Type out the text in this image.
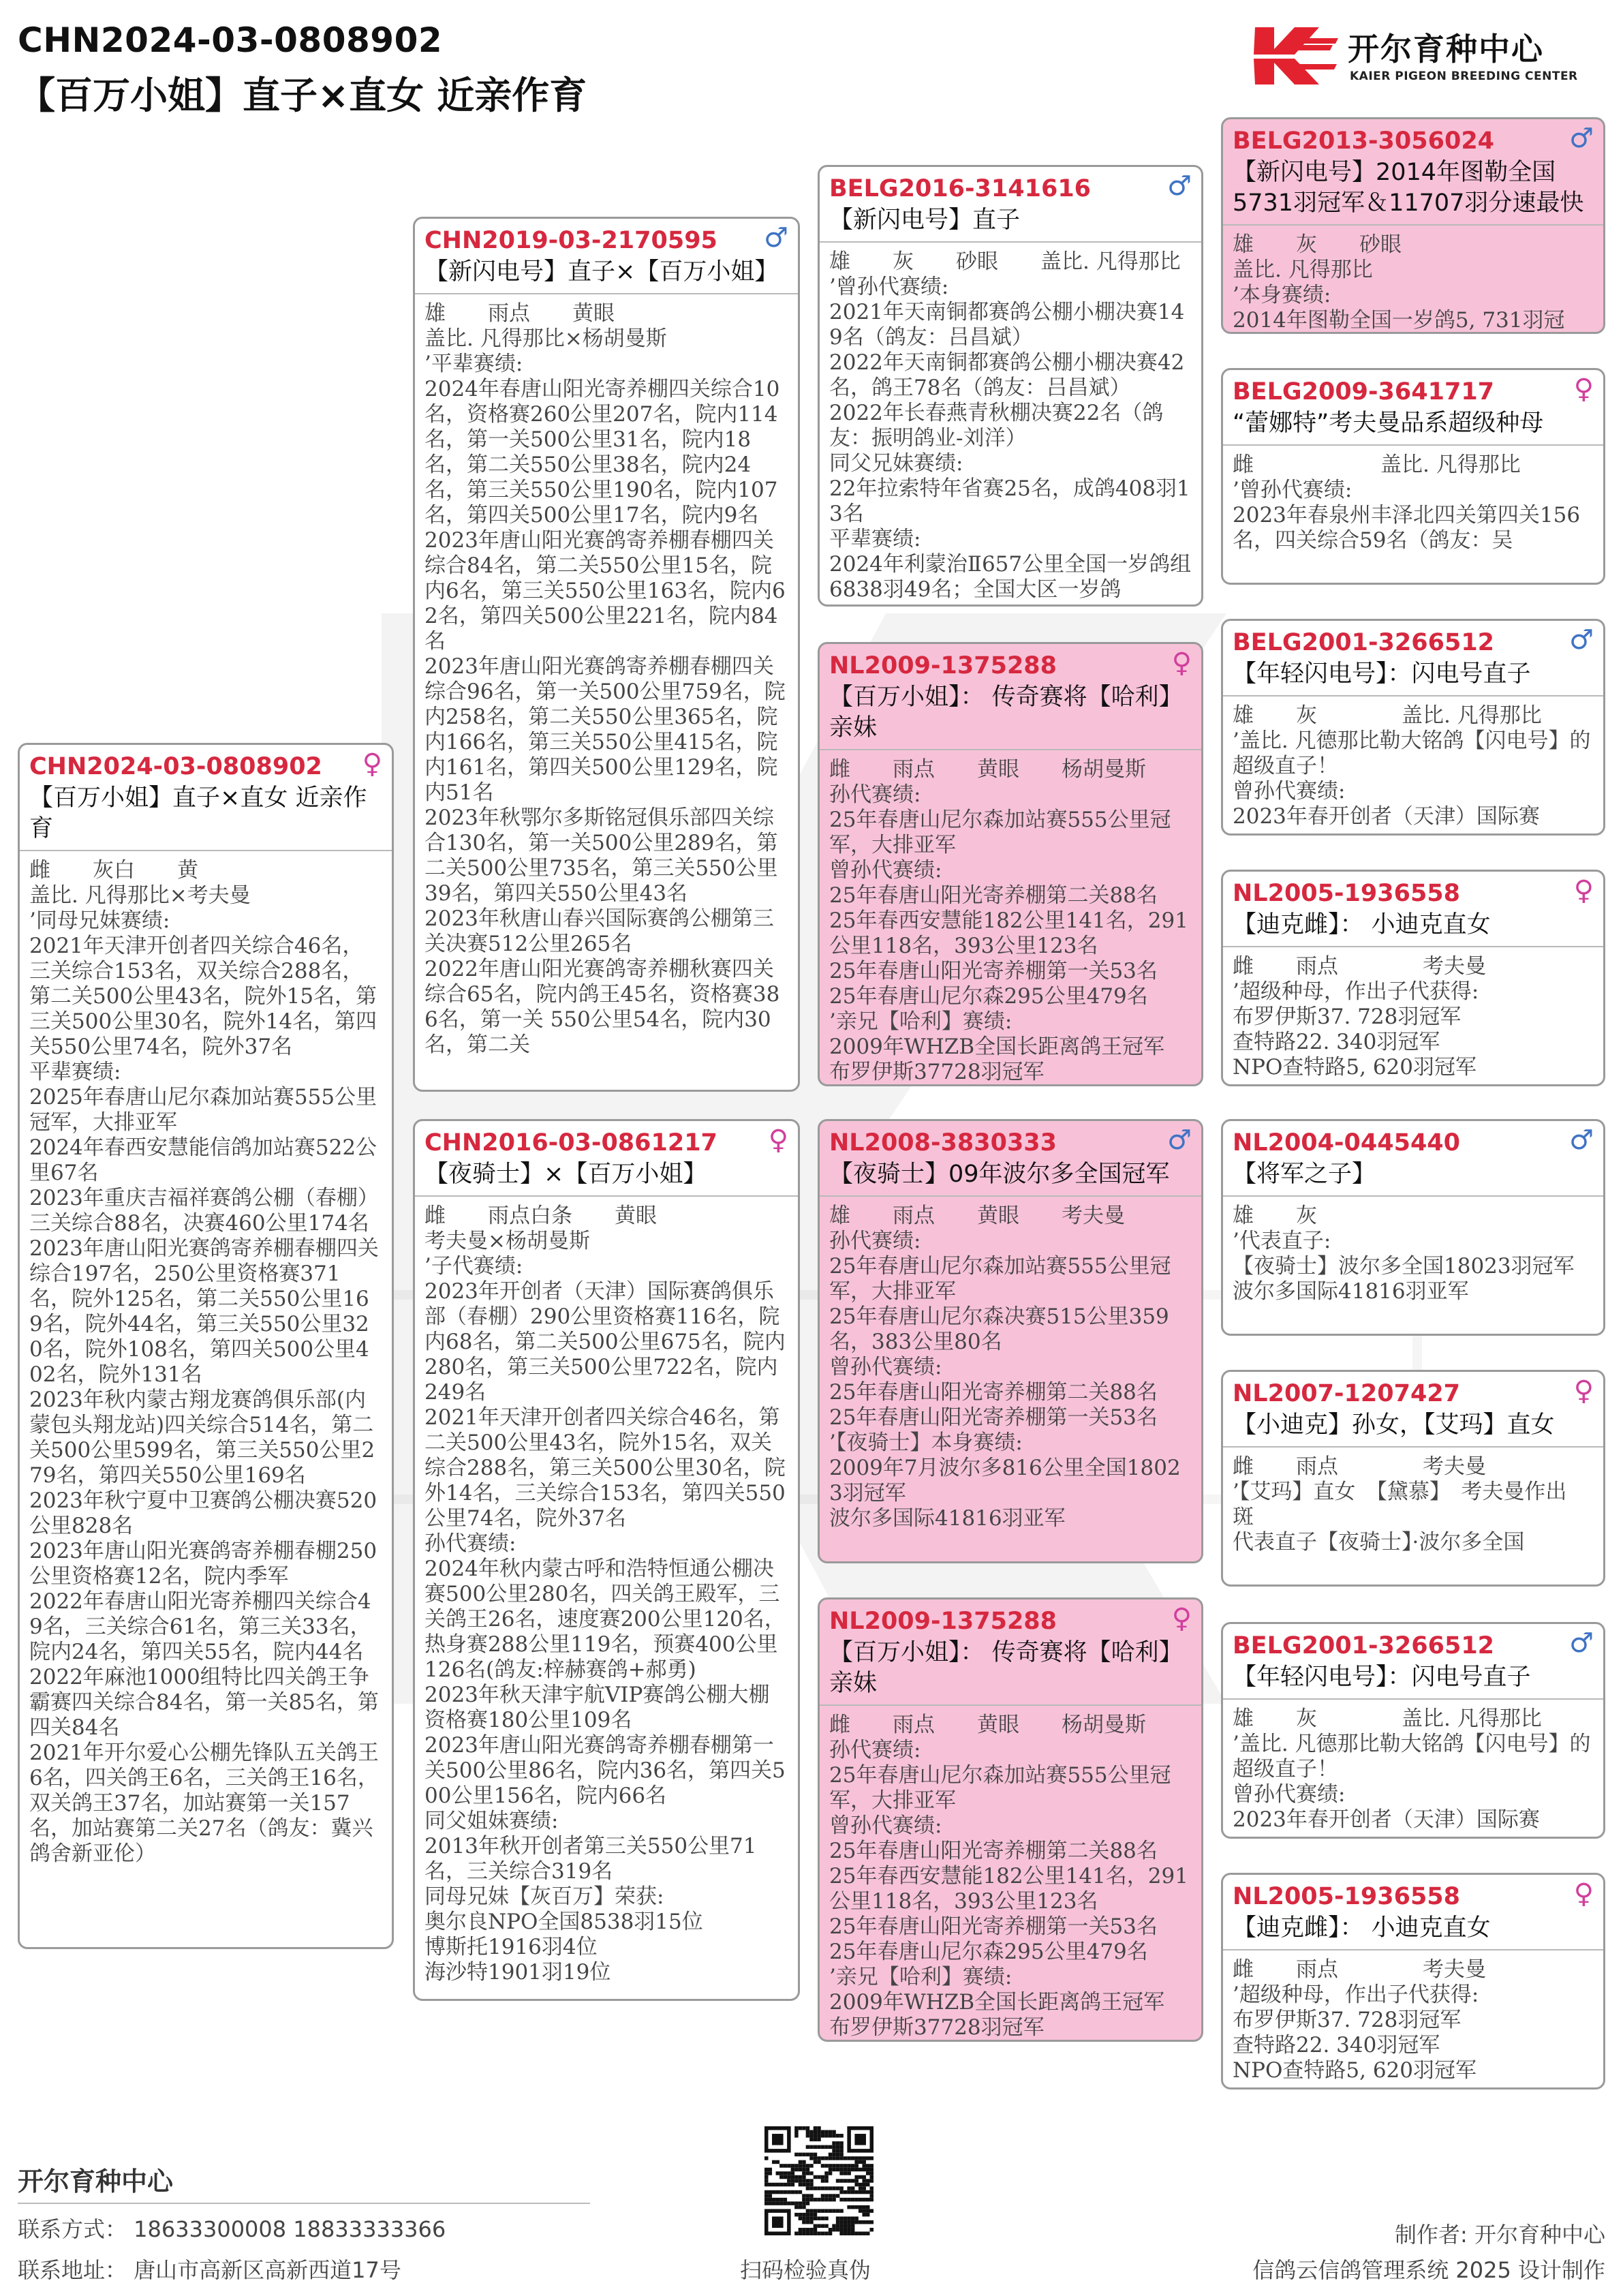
CHN2024-03-0808902
【百万小姐】直子×直女 近亲作育
开尔育种中心
KAIER PIGEON BREEDING CENTER
CHN2024-03-0808902	♀
【百万小姐】直子×直女 近亲作育
雌　　灰白　　黄
盖比. 凡得那比×考夫曼
’同母兄妹赛绩:
2021年天津开创者四关综合46名，三关综合153名，双关综合288名，第二关500公里43名，院外15名，第三关500公里30名，院外14名，第四关550公里74名，院外37名
平辈赛绩:
2025年春唐山尼尔森加站赛555公里冠军，大排亚军
2024年春西安慧能信鸽加站赛522公里67名
2023年重庆吉福祥赛鸽公棚（春棚）三关综合88名，决赛460公里174名
2023年唐山阳光赛鸽寄养棚春棚四关综合197名，250公里资格赛371名，院外125名，第二关550公里169名，院外44名，第三关550公里320名，院外108名，第四关500公里402名，院外131名
2023年秋内蒙古翔龙赛鸽俱乐部(内蒙包头翔龙站)四关综合514名，第二关500公里599名，第三关550公里279名，第四关550公里169名
2023年秋宁夏中卫赛鸽公棚决赛520公里828名
2023年唐山阳光赛鸽寄养棚春棚250公里资格赛12名，院内季军
2022年春唐山阳光寄养棚四关综合49名，三关综合61名，第三关33名，院内24名，第四关55名，院内44名
2022年麻池1000组特比四关鸽王争霸赛四关综合84名，第一关85名，第四关84名
2021年开尔爱心公棚先锋队五关鸽王6名，四关鸽王6名，三关鸽王16名，双关鸽王37名，加站赛第一关157名，加站赛第二关27名（鸽友：冀兴鸽舍新亚伦）
CHN2019-03-2170595	♂
【新闪电号】直子×【百万小姐】
雄　　雨点　　黄眼
盖比. 凡得那比×杨胡曼斯
’平辈赛绩:
2024年春唐山阳光寄养棚四关综合10名，资格赛260公里207名，院内114名，第一关500公里31名，院内18名，第二关550公里38名，院内24名，第三关550公里190名，院内107名，第四关500公里17名，院内9名
2023年唐山阳光赛鸽寄养棚春棚四关综合84名，第二关550公里15名，院内6名，第三关550公里163名，院内62名，第四关500公里221名，院内84名
2023年唐山阳光赛鸽寄养棚春棚四关综合96名，第一关500公里759名，院内258名，第二关550公里365名，院内166名，第三关550公里415名，院内161名，第四关500公里129名，院内51名
2023年秋鄂尔多斯铭冠俱乐部四关综合130名，第一关500公里289名，第二关500公里735名，第三关550公里39名，第四关550公里43名
2023年秋唐山春兴国际赛鸽公棚第三关决赛512公里265名
2022年唐山阳光赛鸽寄养棚秋赛四关综合65名，院内鸽王45名，资格赛386名，第一关 550公里54名，院内30名，第二关
CHN2016-03-0861217	♀
【夜骑士】×【百万小姐】
雌　　雨点白条　　黄眼
考夫曼×杨胡曼斯
’子代赛绩:
2023年开创者（天津）国际赛鸽俱乐部（春棚）290公里资格赛116名，院内68名，第二关500公里675名，院内280名，第三关500公里722名，院内249名
2021年天津开创者四关综合46名，第二关500公里43名，院外15名，双关综合288名，第三关500公里30名，院外14名，三关综合153名，第四关550公里74名，院外37名
孙代赛绩:
2024年秋内蒙古呼和浩特恒通公棚决赛500公里280名，四关鸽王殿军，三关鸽王26名，速度赛200公里120名，热身赛288公里119名，预赛400公里126名(鸽友:梓赫赛鸽+郝勇)
2023年秋天津宇航VIP赛鸽公棚大棚资格赛180公里109名
2023年唐山阳光赛鸽寄养棚春棚第一关500公里86名，院内36名，第四关500公里156名，院内66名
同父姐妹赛绩:
2013年秋开创者第三关550公里71名，三关综合319名
同母兄妹【灰百万】荣获:
奥尔良NPO全国8538羽15位
博斯托1916羽4位
海沙特1901羽19位
BELG2016-3141616	♂
【新闪电号】直子
雄　　灰　　砂眼　　盖比. 凡得那比
’曾孙代赛绩:
2021年天南铜都赛鸽公棚小棚决赛149名（鸽友：吕昌斌）
2022年天南铜都赛鸽公棚小棚决赛42名，鸽王78名（鸽友：吕昌斌）
2022年长春燕青秋棚决赛22名（鸽友：振明鸽业-刘洋）
同父兄妹赛绩:
22年拉索特年省赛25名，成鸽408羽13名
平辈赛绩:
2024年利蒙治Ⅱ657公里全国一岁鸽组6838羽49名；全国大区一岁鸽
NL2009-1375288	♀
【百万小姐】： 传奇赛将【哈利】亲妹
雌　　雨点　　黄眼　　杨胡曼斯
孙代赛绩:
25年春唐山尼尔森加站赛555公里冠军，大排亚军
曾孙代赛绩:
25年春唐山阳光寄养棚第二关88名
25年春西安慧能182公里141名，291公里118名，393公里123名
25年春唐山阳光寄养棚第一关53名
25年春唐山尼尔森295公里479名
’亲兄【哈利】赛绩:
2009年WHZB全国长距离鸽王冠军
布罗伊斯37728羽冠军
NL2008-3830333	♂
【夜骑士】09年波尔多全国冠军
雄　　雨点　　黄眼　　考夫曼
孙代赛绩:
25年春唐山尼尔森加站赛555公里冠军，大排亚军
25年春唐山尼尔森决赛515公里359名，383公里80名
曾孙代赛绩:
25年春唐山阳光寄养棚第二关88名
25年春唐山阳光寄养棚第一关53名
’【夜骑士】本身赛绩:
2009年7月波尔多816公里全国18023羽冠军
波尔多国际41816羽亚军
NL2009-1375288	♀
【百万小姐】： 传奇赛将【哈利】亲妹
雌　　雨点　　黄眼　　杨胡曼斯
孙代赛绩:
25年春唐山尼尔森加站赛555公里冠军，大排亚军
曾孙代赛绩:
25年春唐山阳光寄养棚第二关88名
25年春西安慧能182公里141名，291公里118名，393公里123名
25年春唐山阳光寄养棚第一关53名
25年春唐山尼尔森295公里479名
’亲兄【哈利】赛绩:
2009年WHZB全国长距离鸽王冠军
布罗伊斯37728羽冠军
BELG2013-3056024	♂
【新闪电号】2014年图勒全国5731羽冠军＆11707羽分速最快
雄　　灰　　砂眼
盖比. 凡得那比
’本身赛绩:
2014年图勒全国一岁鸽5, 731羽冠
BELG2009-3641717	♀
“蕾娜特”考夫曼品系超级种母
雌　　　　　　盖比. 凡得那比
’曾孙代赛绩:
2023年春泉州丰泽北四关第四关156名，四关综合59名（鸽友：吴
BELG2001-3266512	♂
【年轻闪电号】：闪电号直子
雄　　灰　　　　盖比. 凡得那比
’盖比. 凡德那比勒大铭鸽【闪电号】的超级直子！
曾孙代赛绩:
2023年春开创者（天津）国际赛
NL2005-1936558	♀
【迪克雌】： 小迪克直女
雌　　雨点　　　　考夫曼
’超级种母，作出子代获得:
布罗伊斯37. 728羽冠军
查特路22. 340羽冠军
NPO查特路5, 620羽冠军
NL2004-0445440	♂
【将军之子】
雄　　灰
’代表直子:
【夜骑士】波尔多全国18023羽冠军
波尔多国际41816羽亚军
NL2007-1207427	♀
【小迪克】孙女，【艾玛】直女
雌　　雨点　　　　考夫曼
’【艾玛】直女　【黛慕】　考夫曼作出　斑
代表直子【夜骑士】·波尔多全国
BELG2001-3266512	♂
【年轻闪电号】：闪电号直子
雄　　灰　　　　盖比. 凡得那比
’盖比. 凡德那比勒大铭鸽【闪电号】的超级直子！
曾孙代赛绩:
2023年春开创者（天津）国际赛
NL2005-1936558	♀
【迪克雌】： 小迪克直女
雌　　雨点　　　　考夫曼
’超级种母，作出子代获得:
布罗伊斯37. 728羽冠军
查特路22. 340羽冠军
NPO查特路5, 620羽冠军
开尔育种中心
联系方式： 18633300008 18833333366
联系地址： 唐山市高新区高新西道17号	扫码检验真伪
制作者: 开尔育种中心
信鸽云信鸽管理系统 2025 设计制作
